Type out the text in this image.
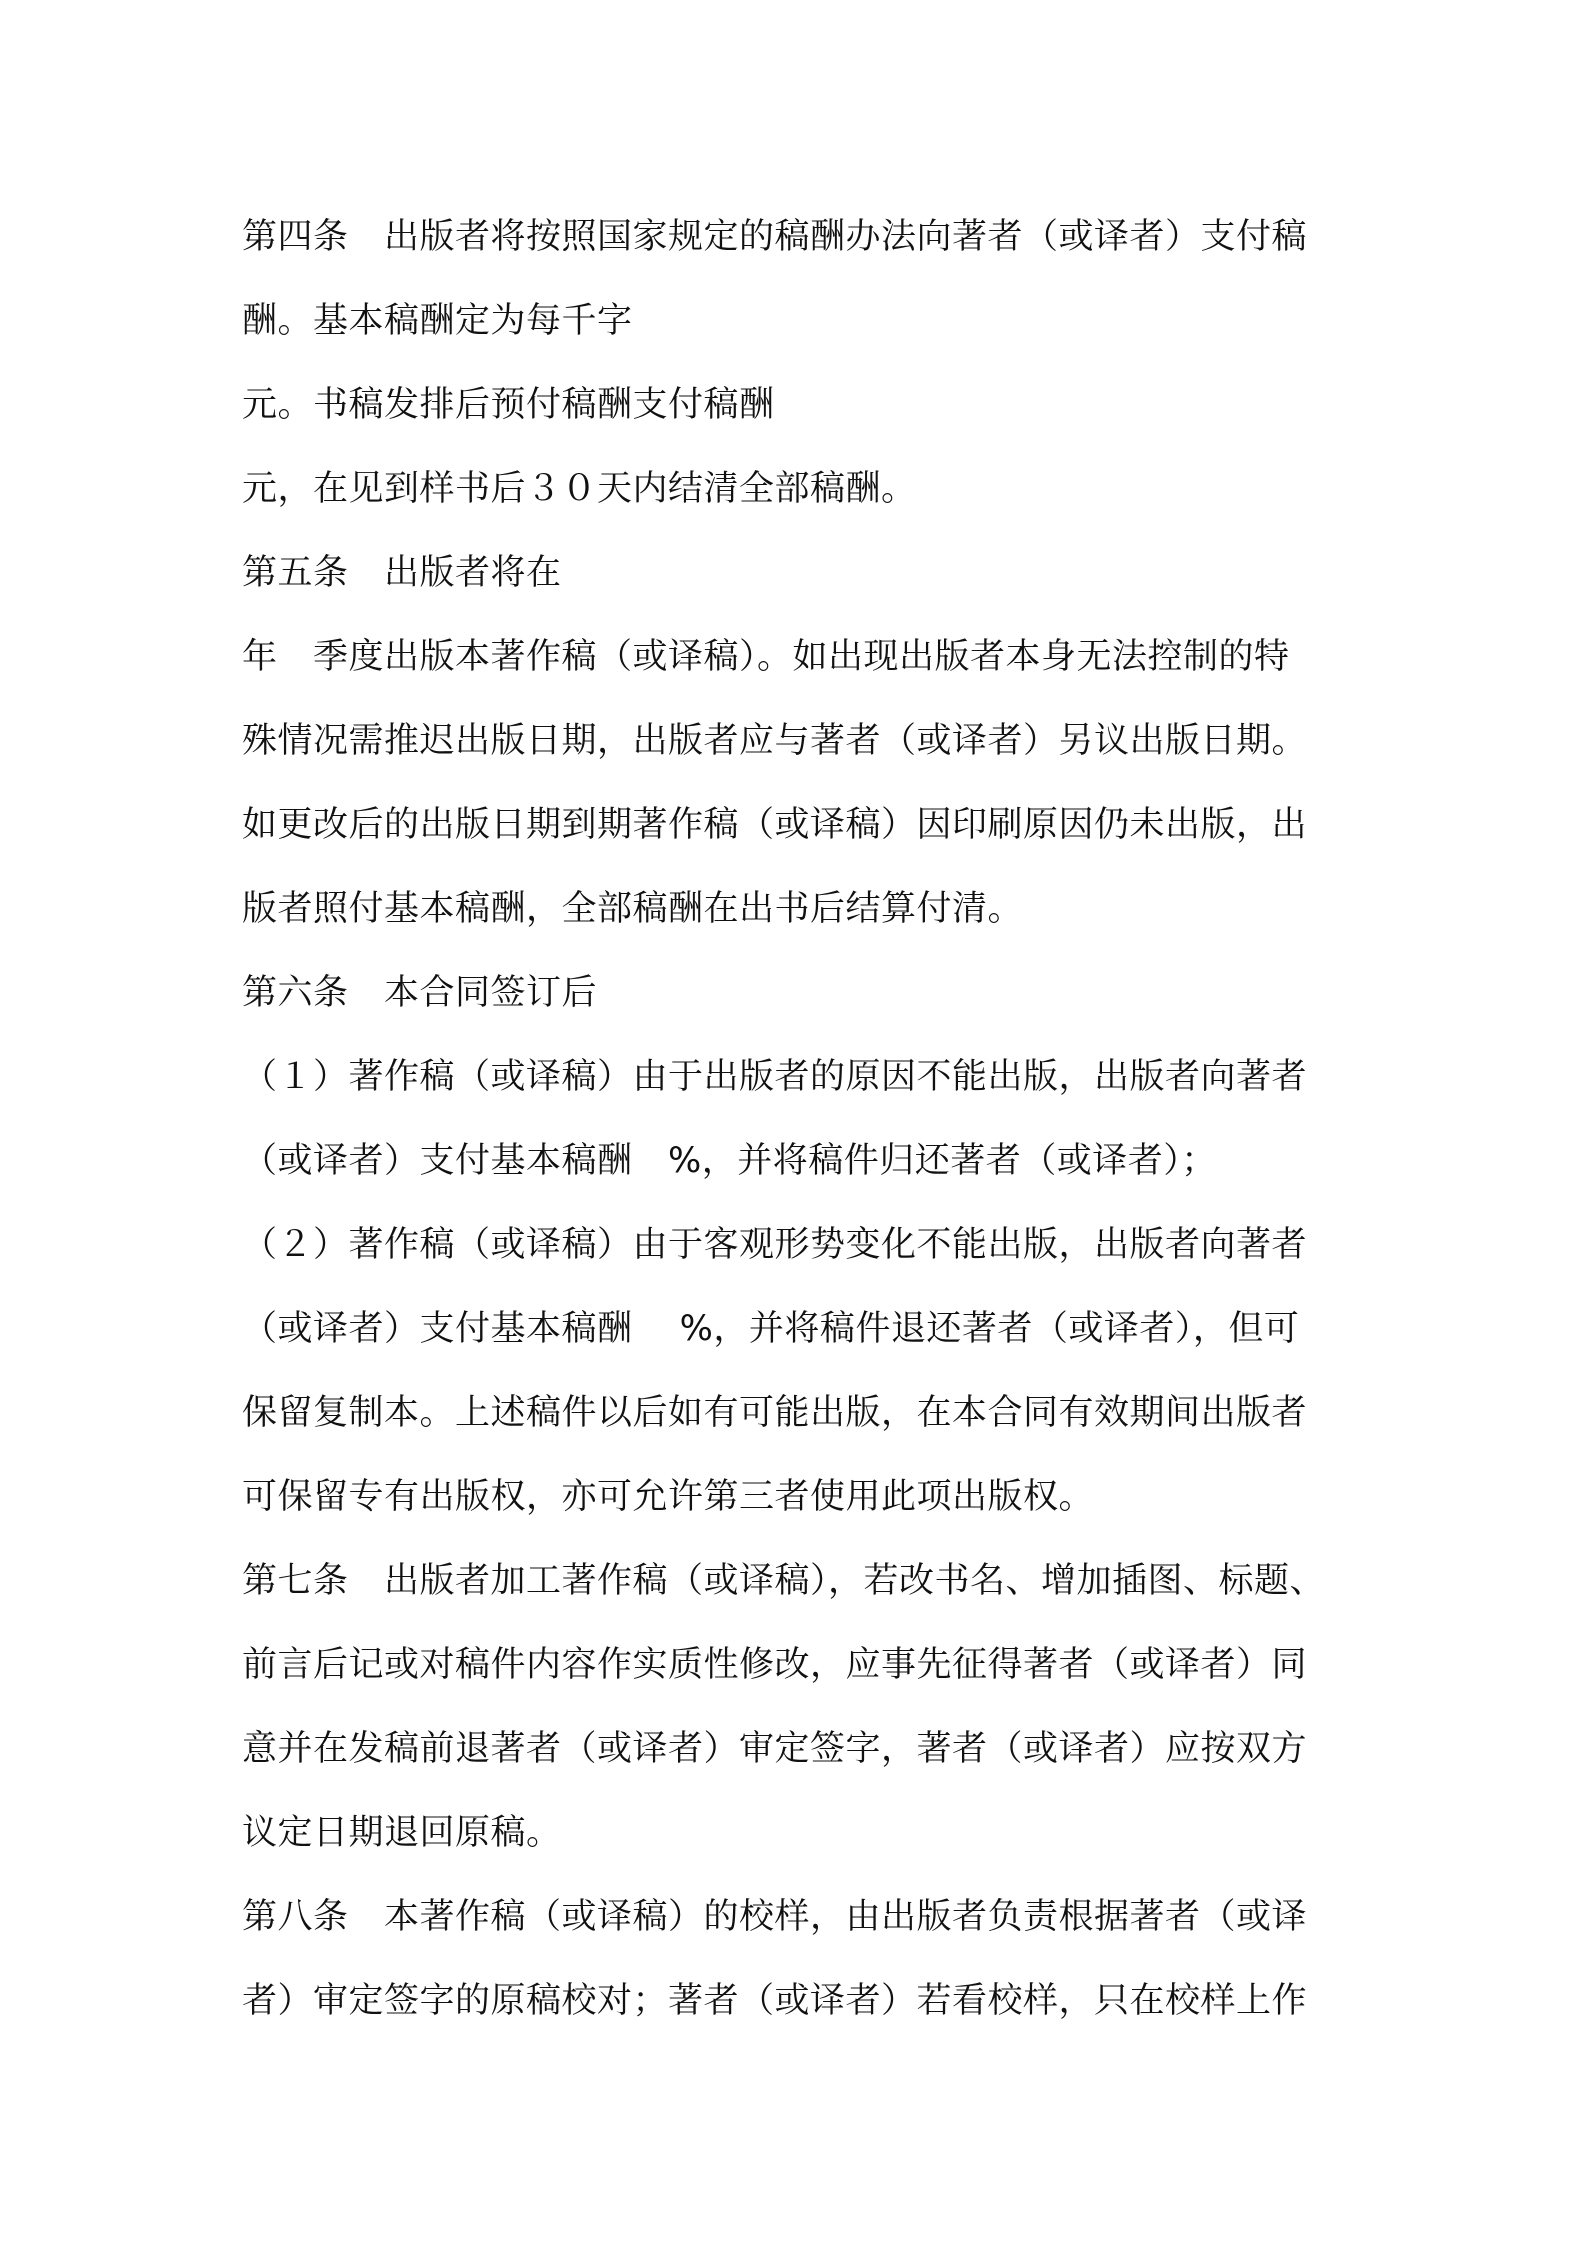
第四条　出版者将按照国家规定的稿酬办法向著者（或译者）支付稿
酬。基本稿酬定为每千字
元。书稿发排后预付稿酬支付稿酬
元，在见到样书后３０天内结清全部稿酬。
第五条　出版者将在
年　季度出版本著作稿（或译稿）。如出现出版者本身无法控制的特
殊情况需推迟出版日期，出版者应与著者（或译者）另议出版日期。
如更改后的出版日期到期著作稿（或译稿）因印刷原因仍未出版，出
版者照付基本稿酬，全部稿酬在出书后结算付清。
第六条　本合同签订后
（１）著作稿（或译稿）由于出版者的原因不能出版，出版者向著者
（或译者）支付基本稿酬　%，并将稿件归还著者（或译者）；
（２）著作稿（或译稿）由于客观形势变化不能出版，出版者向著者
（或译者）支付基本稿酬　 %，并将稿件退还著者（或译者），但可
保留复制本。上述稿件以后如有可能出版，在本合同有效期间出版者
可保留专有出版权，亦可允许第三者使用此项出版权。
第七条　出版者加工著作稿（或译稿），若改书名、增加插图、标题、
前言后记或对稿件内容作实质性修改，应事先征得著者（或译者）同
意并在发稿前退著者（或译者）审定签字，著者（或译者）应按双方
议定日期退回原稿。
第八条　本著作稿（或译稿）的校样，由出版者负责根据著者（或译
者）审定签字的原稿校对；著者（或译者）若看校样，只在校样上作
